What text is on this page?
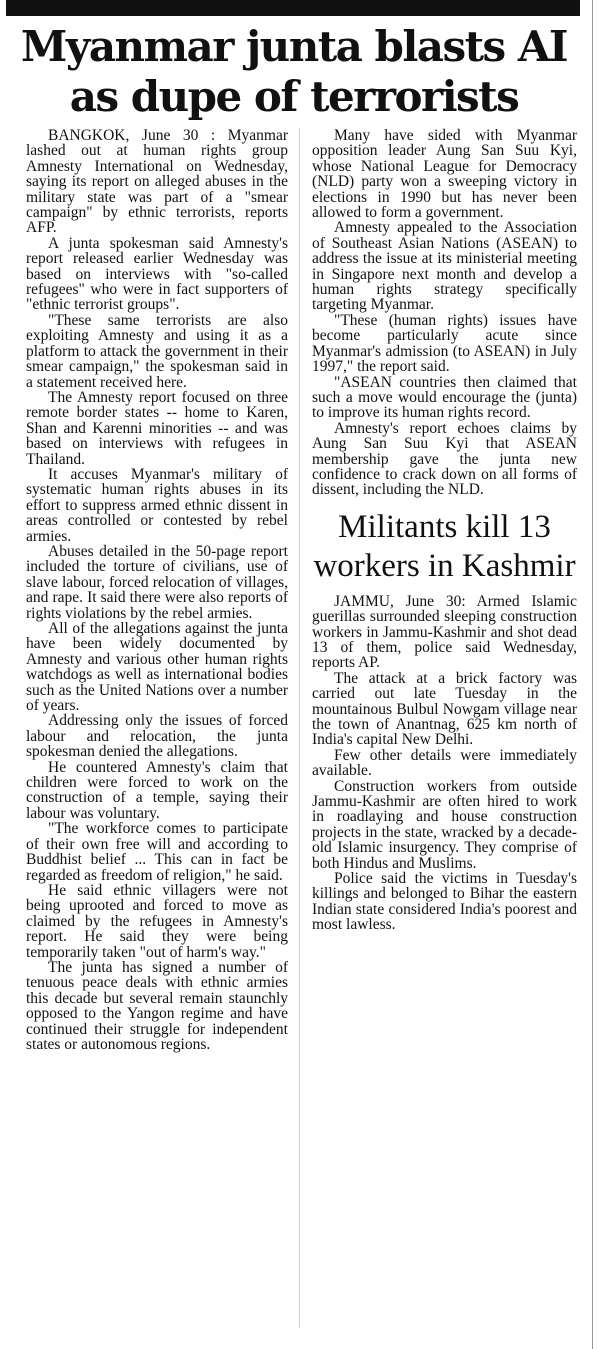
Myanmar junta blasts AI as dupe of terrorists

BANGKOK, June 30 : Myanmar lashed out at human rights group Amnesty International on Wednesday, saying its report on alleged abuses in the military state was part of a "smear campaign" by ethnic terrorists, reports AFP.

A junta spokesman said Amnesty's report released earlier Wednesday was based on interviews with "so-called refugees" who were in fact supporters of "ethnic terrorist groups".

"These same terrorists are also exploiting Amnesty and using it as a platform to attack the government in their smear campaign," the spokesman said in a statement received here.

The Amnesty report focused on three remote border states -- home to Karen, Shan and Karenni minorities -- and was based on interviews with refugees in Thailand.

It accuses Myanmar's military of systematic human rights abuses in its effort to suppress armed ethnic dissent in areas controlled or contested by rebel armies.

Abuses detailed in the 50-page report included the torture of civilians, use of slave labour, forced relocation of villages, and rape. It said there were also reports of rights violations by the rebel armies.

All of the allegations against the junta have been widely documented by Amnesty and various other human rights watchdogs as well as international bodies such as the United Nations over a number of years.

Addressing only the issues of forced labour and relocation, the junta spokesman denied the allegations.

He countered Amnesty's claim that children were forced to work on the construction of a temple, saying their labour was voluntary.

"The workforce comes to participate of their own free will and according to Buddhist belief ... This can in fact be regarded as freedom of religion," he said.

He said ethnic villagers were not being uprooted and forced to move as claimed by the refugees in Amnesty's report. He said they were being temporarily taken "out of harm's way."

The junta has signed a number of tenuous peace deals with ethnic armies this decade but several remain staunchly opposed to the Yangon regime and have continued their struggle for independent states or autonomous regions.

Many have sided with Myanmar opposition leader Aung San Suu Kyi, whose National League for Democracy (NLD) party won a sweeping victory in elections in 1990 but has never been allowed to form a government.

Amnesty appealed to the Association of Southeast Asian Nations (ASEAN) to address the issue at its ministerial meeting in Singapore next month and develop a human rights strategy specifically targeting Myanmar.

"These (human rights) issues have become particularly acute since Myanmar's admission (to ASEAN) in July 1997," the report said.

"ASEAN countries then claimed that such a move would encourage the (junta) to improve its human rights record.

Amnesty's report echoes claims by Aung San Suu Kyi that ASEAN membership gave the junta new confidence to crack down on all forms of dissent, including the NLD.

Militants kill 13 workers in Kashmir

JAMMU, June 30: Armed Islamic guerillas surrounded sleeping construction workers in Jammu-Kashmir and shot dead 13 of them, police said Wednesday, reports AP.

The attack at a brick factory was carried out late Tuesday in the mountainous Bulbul Nowgam village near the town of Anantnag, 625 km north of India's capital New Delhi.

Few other details were immediately available.

Construction workers from outside Jammu-Kashmir are often hired to work in roadlaying and house construction projects in the state, wracked by a decade-old Islamic insurgency. They comprise of both Hindus and Muslims.

Police said the victims in Tuesday's killings and belonged to Bihar the eastern Indian state considered India's poorest and most lawless.
